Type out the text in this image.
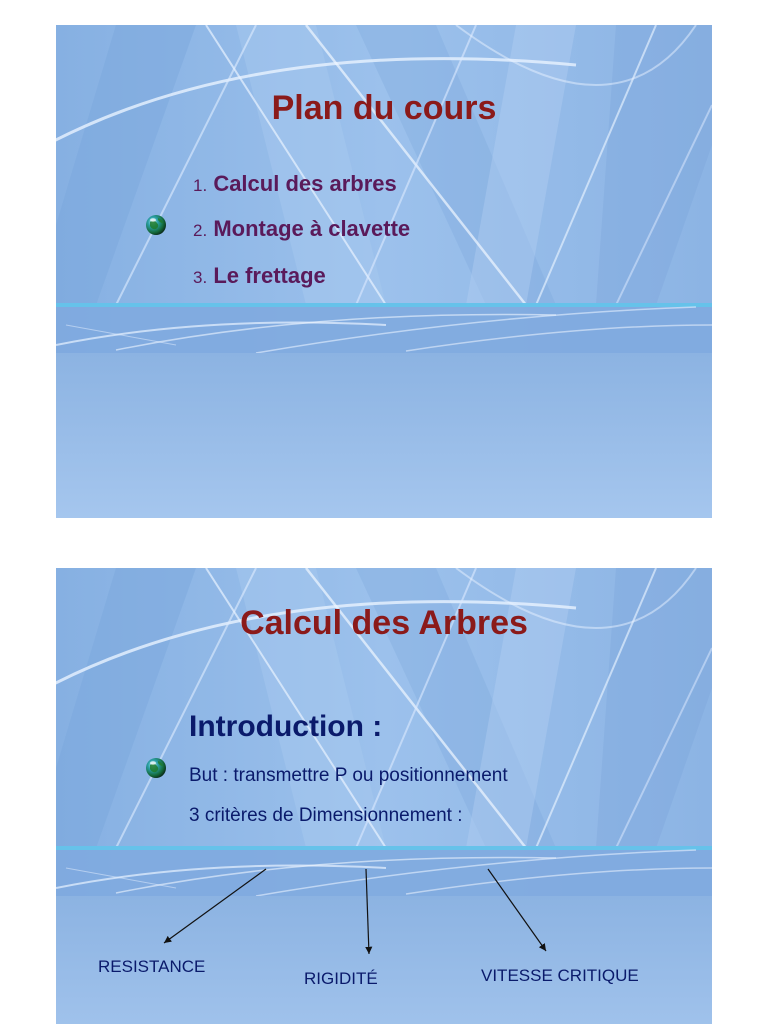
Plan du cours
1. Calcul des arbres
2. Montage à clavette
3. Le frettage
Calcul des Arbres
Introduction :
But : transmettre P ou positionnement
3 critères de Dimensionnement :
RESISTANCE
RIGIDITÉ	VITESSE CRITIQUE
